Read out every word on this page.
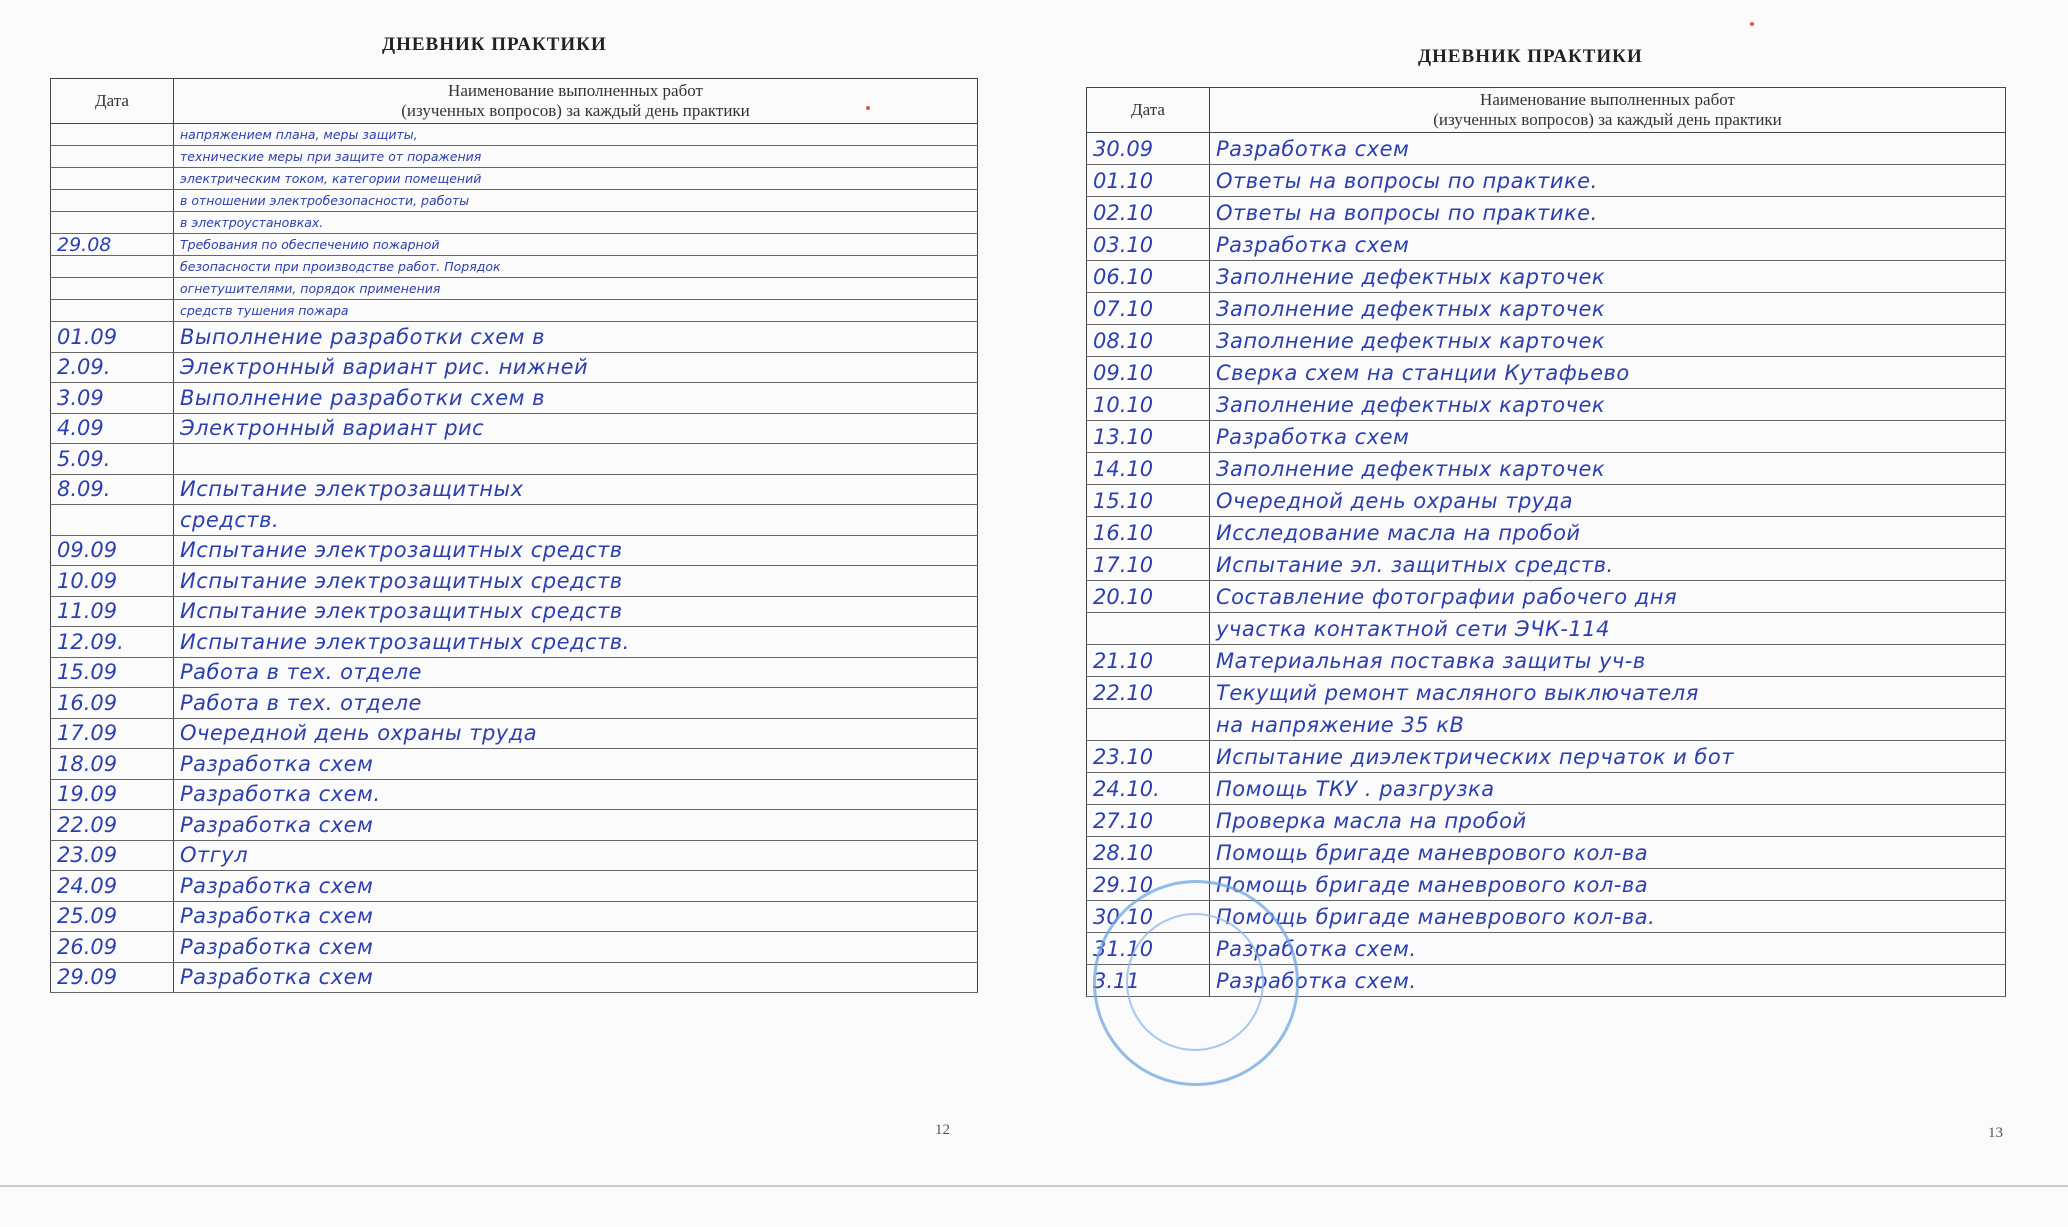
ДНЕВНИК ПРАКТИКИ
Дата	Наименование выполненных работ
(изученных вопросов) за каждый день практики
	напряжением плана, меры защиты,
	технические меры при защите от поражения
	электрическим током, категории помещений
	в отношении электробезопасности, работы
	в электроустановках.
29.08	Требования по обеспечению пожарной
	безопасности при производстве работ. Порядок
	огнетушителями, порядок применения
	средств тушения пожара
01.09	Выполнение разработки схем в
2.09.	Электронный вариант рис. нижней
3.09	Выполнение разработки схем в
4.09	Электронный вариант рис
5.09.	
8.09.	Испытание электрозащитных
	средств.
09.09	Испытание электрозащитных средств
10.09	Испытание электрозащитных средств
11.09	Испытание электрозащитных средств
12.09.	Испытание электрозащитных средств.
15.09	Работа в тех. отделе
16.09	Работа в тех. отделе
17.09	Очередной день охраны труда
18.09	Разработка схем
19.09	Разработка схем.
22.09	Разработка схем
23.09	Отгул
24.09	Разработка схем
25.09	Разработка схем
26.09	Разработка схем
29.09	Разработка схем
12
ДНЕВНИК ПРАКТИКИ
Дата	Наименование выполненных работ
(изученных вопросов) за каждый день практики
30.09	Разработка схем
01.10	Ответы на вопросы по практике.
02.10	Ответы на вопросы по практике.
03.10	Разработка схем
06.10	Заполнение дефектных карточек
07.10	Заполнение дефектных карточек
08.10	Заполнение дефектных карточек
09.10	Сверка схем на станции Кутафьево
10.10	Заполнение дефектных карточек
13.10	Разработка схем
14.10	Заполнение дефектных карточек
15.10	Очередной день охраны труда
16.10	Исследование масла на пробой
17.10	Испытание эл. защитных средств.
20.10	Составление фотографии рабочего дня
	участка контактной сети ЭЧК-114
21.10	Материальная поставка защиты уч-в
22.10	Текущий ремонт масляного выключателя
	на напряжение 35 кВ
23.10	Испытание диэлектрических перчаток и бот
24.10.	Помощь ТКУ . разгрузка
27.10	Проверка масла на пробой
28.10	Помощь бригаде маневрового кол-ва
29.10	Помощь бригаде маневрового кол-ва
30.10	Помощь бригаде маневрового кол-ва.
31.10	Разработка схем.
3.11	Разработка схем.
13
